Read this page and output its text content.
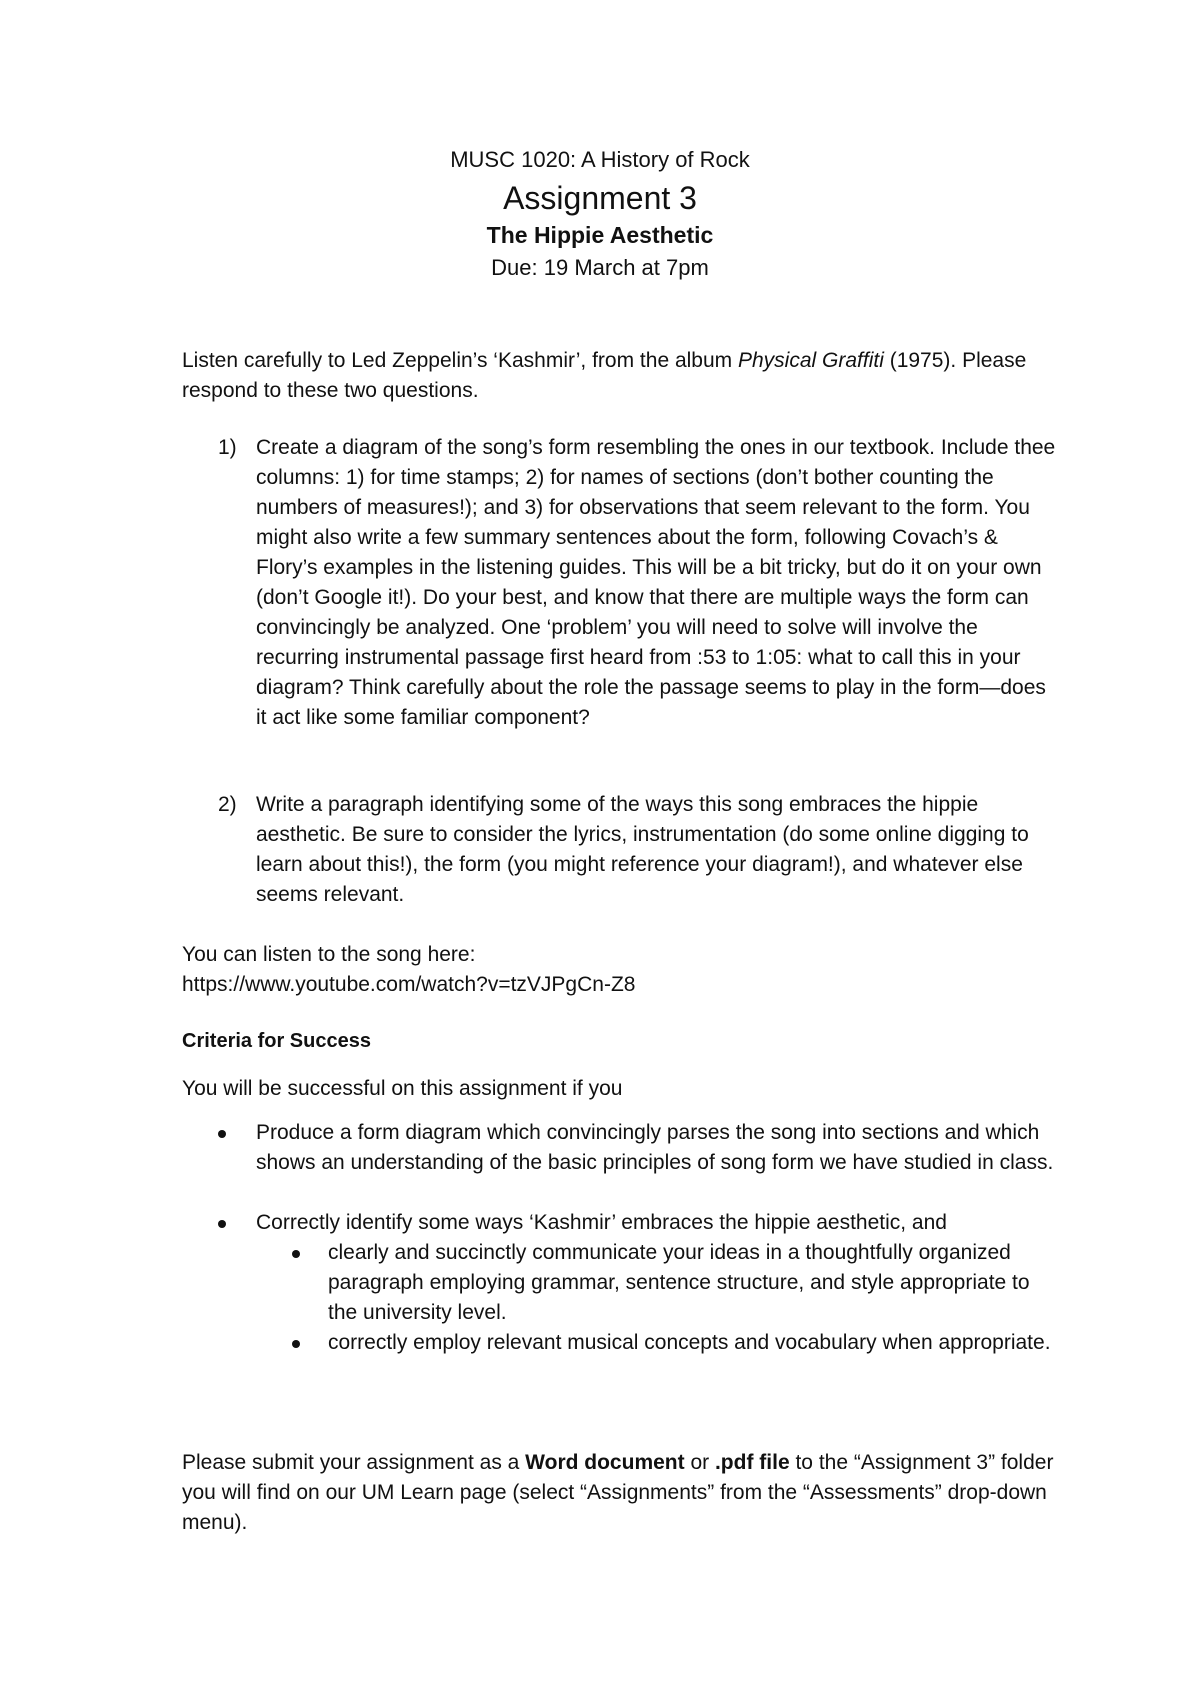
MUSC 1020: A History of Rock
Assignment 3
The Hippie Aesthetic
Due: 19 March at 7pm

Listen carefully to Led Zeppelin’s ‘Kashmir’, from the album Physical Graffiti (1975). Please respond to these two questions.

1) Create a diagram of the song’s form resembling the ones in our textbook. Include thee columns: 1) for time stamps; 2) for names of sections (don’t bother counting the numbers of measures!); and 3) for observations that seem relevant to the form. You might also write a few summary sentences about the form, following Covach’s & Flory’s examples in the listening guides. This will be a bit tricky, but do it on your own (don’t Google it!). Do your best, and know that there are multiple ways the form can convincingly be analyzed. One ‘problem’ you will need to solve will involve the recurring instrumental passage first heard from :53 to 1:05: what to call this in your diagram? Think carefully about the role the passage seems to play in the form—does it act like some familiar component?
2) Write a paragraph identifying some of the ways this song embraces the hippie aesthetic. Be sure to consider the lyrics, instrumentation (do some online digging to learn about this!), the form (you might reference your diagram!), and whatever else seems relevant.

You can listen to the song here:
https://www.youtube.com/watch?v=tzVJPgCn-Z8

Criteria for Success

You will be successful on this assignment if you

Produce a form diagram which convincingly parses the song into sections and which shows an understanding of the basic principles of song form we have studied in class.
Correctly identify some ways ‘Kashmir’ embraces the hippie aesthetic, and
clearly and succinctly communicate your ideas in a thoughtfully organized paragraph employing grammar, sentence structure, and style appropriate to the university level.
correctly employ relevant musical concepts and vocabulary when appropriate.

Please submit your assignment as a Word document or .pdf file to the “Assignment 3” folder you will find on our UM Learn page (select “Assignments” from the “Assessments” drop-down menu).
